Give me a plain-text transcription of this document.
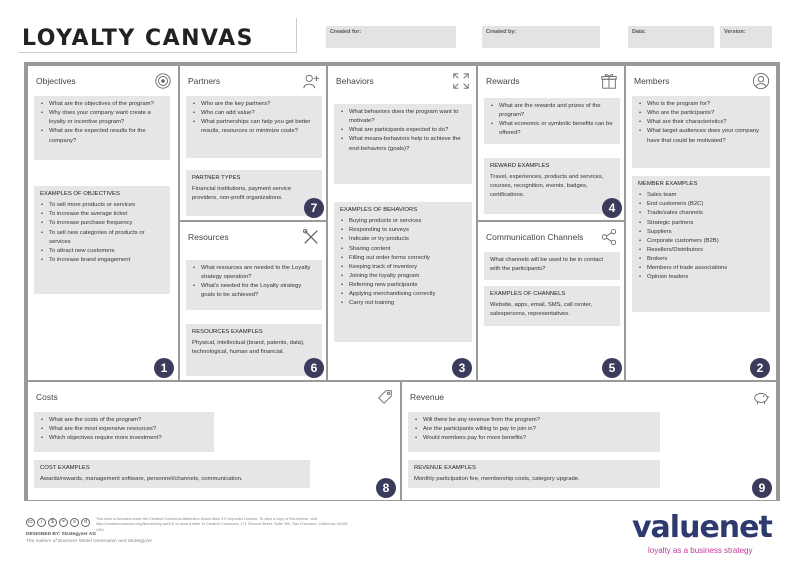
LOYALTY CANVAS	Created for:	Created by:	Data:	Version:
Objectives
• What are the objectives of the program?
• Why does your company want create a loyalty or incentive program?
• What are the expected results for the company?
EXAMPLES OF OBJECTIVES
• To sell more products or services
• To increase the average ticket
• To increase purchase frequency
• To sell new categories of products or services
• To attract new customers
• To increase brand engagement
1
Partners
• Who are the key partners?
• Who can add value?
• What partnerships can help you get better results, resources or minimize costs?
PARTNER TYPES
Financial institutions, payment service providers, non-profit organizations.
7
Resources
• What resources are needed to the Loyalty strategy operation?
• What's needed for the Loyalty strategy goals to be achieved?
RESOURCES EXAMPLES
Physical, intellectual (brand, patents, data), technological, human and financial.
6
Behaviors
• What behaviors does the program want to motivate?
• What are participants expected to do?
• What means-behaviors help to achieve the end-behaviors (goals)?
EXAMPLES OF BEHAVIORS
• Buying products or services
• Responding to surveys
• Indicate or try products
• Sharing content
• Filling out order forms correctly
• Keeping track of inventory
• Joining the loyalty program
• Referring new participants
• Applying merchandising correctly
• Carry out training
3
Rewards
• What are the rewards and prizes of the program?
• What economic or symbolic benefits can be offered?
REWARD EXAMPLES
Travel, experiences, products and services, courses, recognition, events, badges, certifications.
4
Communication Channels
What channels will be used to be in contact with the participants?
EXAMPLES OF CHANNELS
Website, apps, email, SMS, call center, salespersons, representatives.
5
Members
• Who is the program for?
• Who are the participants?
• What are their characteristics?
• What target audiences does your company have that could be motivated?
MEMBER EXAMPLES
• Sales team
• End customers (B2C)
• Trade/sales channels
• Strategic partners
• Suppliers
• Corporate customers (B2B)
• Resellers/Distributors
• Brokers
• Members of trade associations
• Opinion leaders
2
Costs
• What are the costs of the program?
• What are the most expensive resources?
• Which objectives require more investment?
COST EXAMPLES
Awards/rewards, management software, personnel/channels, communication.
8
Revenue
• Will there be any revenue from the program?
• Are the participants willing to pay to join in?
• Would members pay for more benefits?
REVENUE EXAMPLES
Monthly participation fee, membership costs, category upgrade.
9
cc	i	$	=	s	d	This work is licensed under the Creative Commons Attribution-Share Alike 3.0 Unported License. To view a copy of this license, visit http://creativecommons.org/licenses/by-sa/3.0/ or send a letter to Creative Commons, 171 Second Street, Suite 300, San Francisco, California, 94105, USA.
DESIGNED BY: Strategyzer AG
The makers of Business Model Generation and Strategyzer	valuenet
loyalty as a business strategy
